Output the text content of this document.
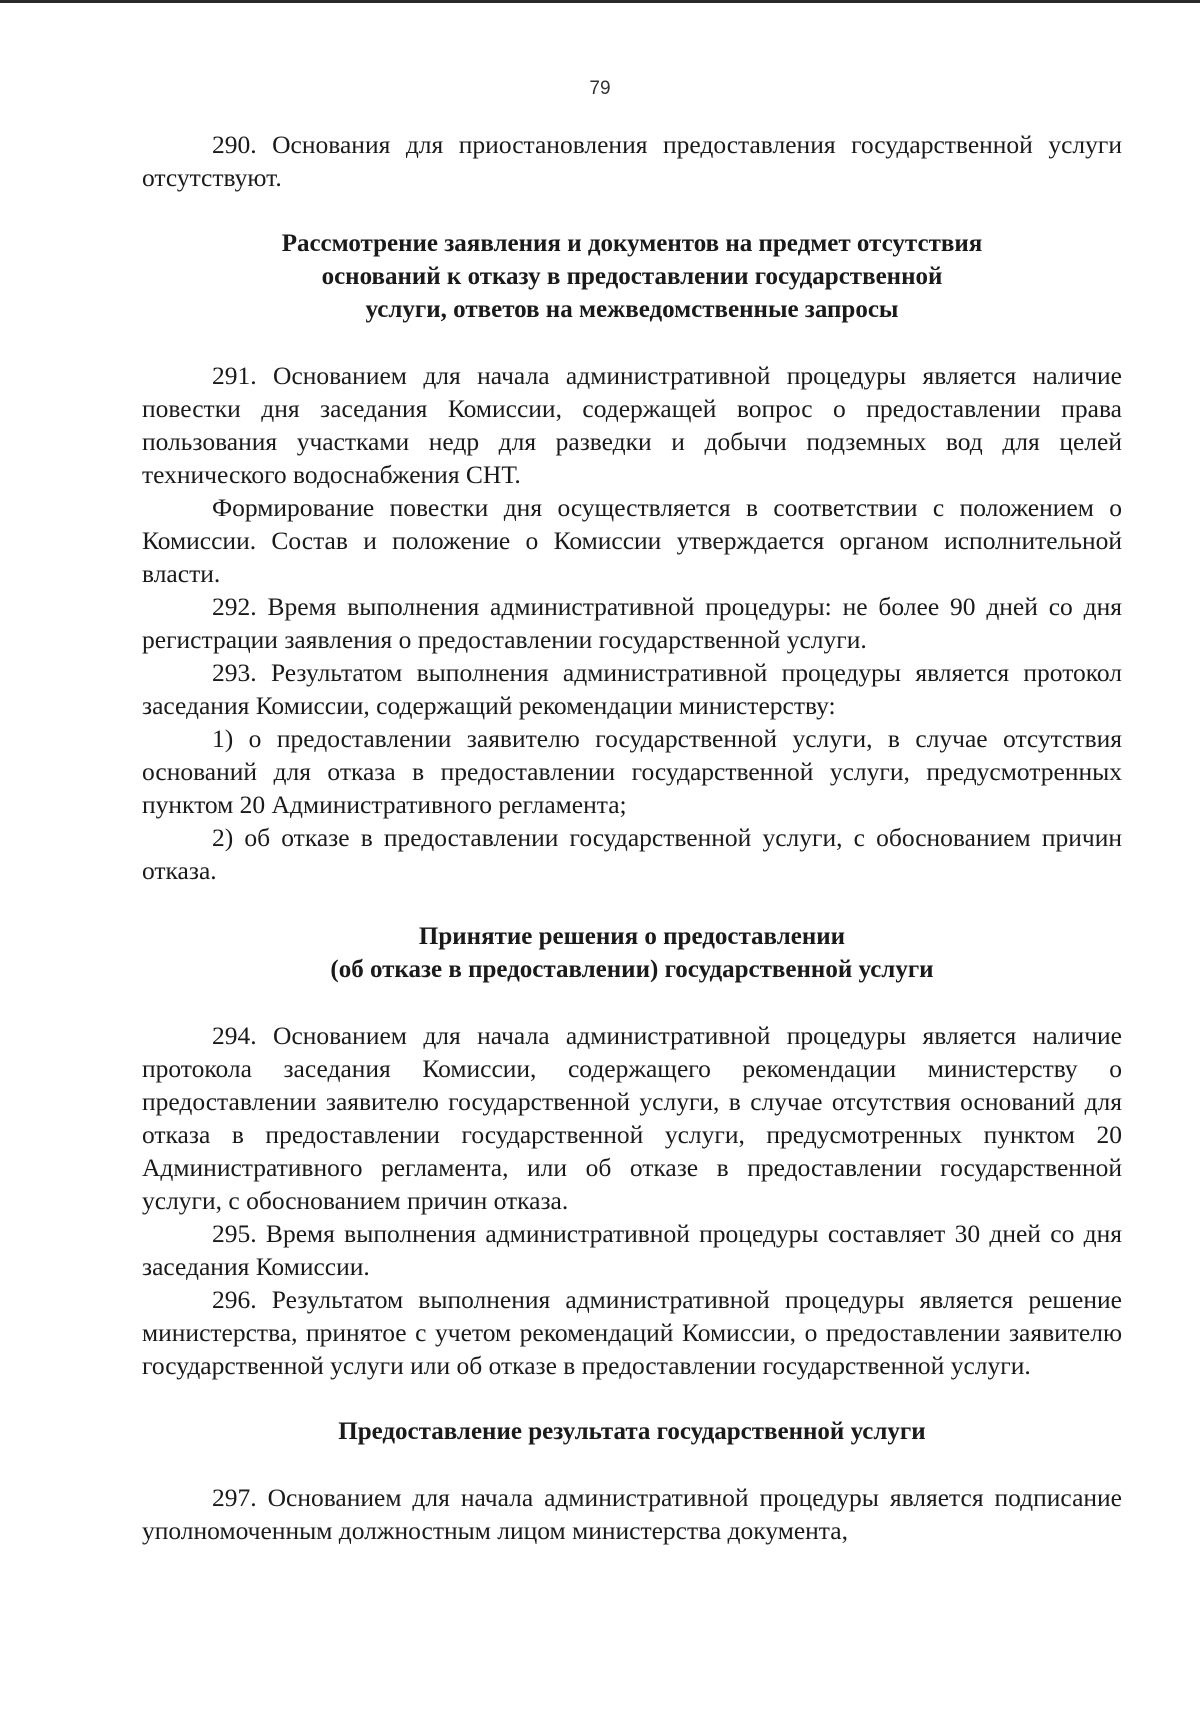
79

290. Основания для приостановления предоставления государственной услуги отсутствуют.

Рассмотрение заявления и документов на предмет отсутствия
оснований к отказу в предоставлении государственной
услуги, ответов на межведомственные запросы

291. Основанием для начала административной процедуры является наличие повестки дня заседания Комиссии, содержащей вопрос о предоставлении права пользования участками недр для разведки и добычи подземных вод для целей технического водоснабжения СНТ.

Формирование повестки дня осуществляется в соответствии с положением о Комиссии. Состав и положение о Комиссии утверждается органом исполнительной власти.

292. Время выполнения административной процедуры: не более 90 дней со дня регистрации заявления о предоставлении государственной услуги.

293. Результатом выполнения административной процедуры является протокол заседания Комиссии, содержащий рекомендации министерству:

1) о предоставлении заявителю государственной услуги, в случае отсутствия оснований для отказа в предоставлении государственной услуги, предусмотренных пунктом 20 Административного регламента;

2) об отказе в предоставлении государственной услуги, с обоснованием причин отказа.

Принятие решения о предоставлении
(об отказе в предоставлении) государственной услуги

294. Основанием для начала административной процедуры является наличие протокола заседания Комиссии, содержащего рекомендации министерству о предоставлении заявителю государственной услуги, в случае отсутствия оснований для отказа в предоставлении государственной услуги, предусмотренных пунктом 20 Административного регламента, или об отказе в предоставлении государственной услуги, с обоснованием причин отказа.

295. Время выполнения административной процедуры составляет 30 дней со дня заседания Комиссии.

296. Результатом выполнения административной процедуры является решение министерства, принятое с учетом рекомендаций Комиссии, о предоставлении заявителю государственной услуги или об отказе в предоставлении государственной услуги.

Предоставление результата государственной услуги

297. Основанием для начала административной процедуры является подписание уполномоченным должностным лицом министерства документа,
